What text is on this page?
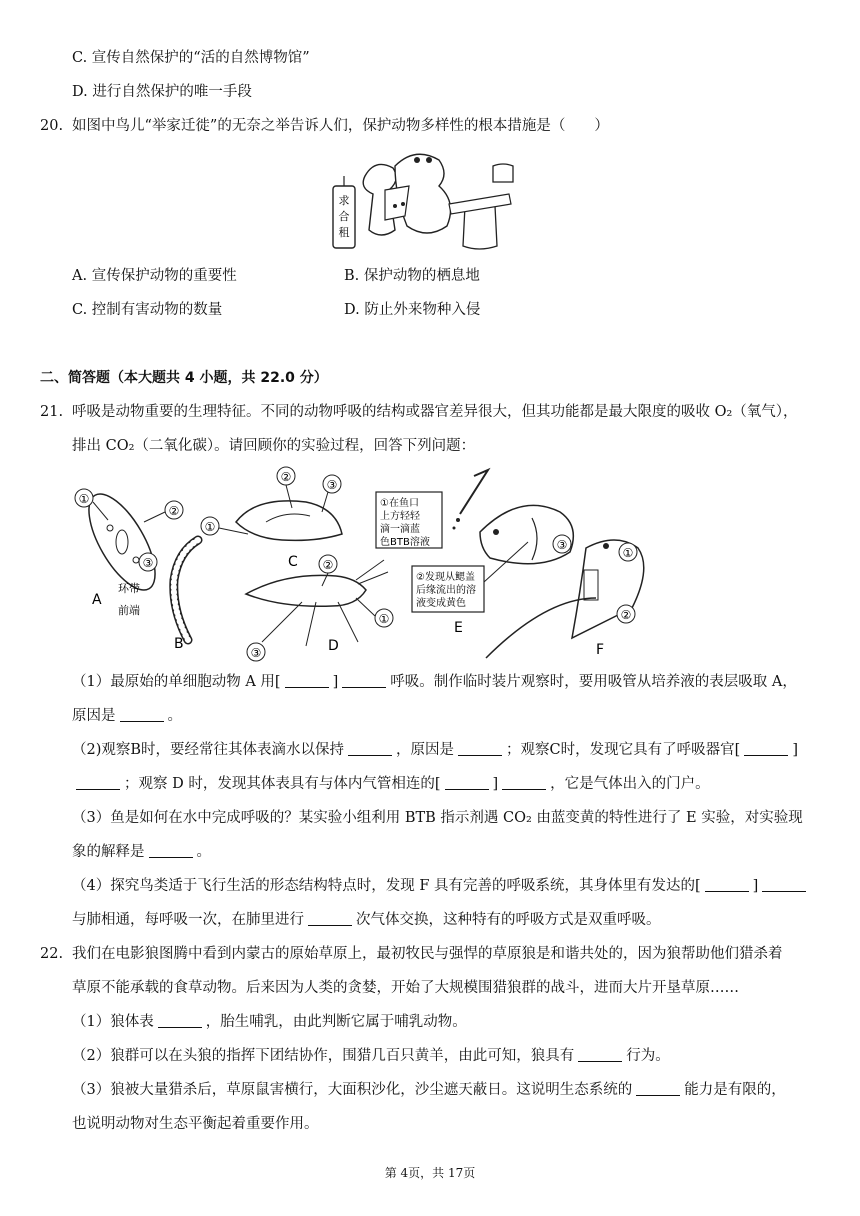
C. 宣传自然保护的“活的自然博物馆”
D. 进行自然保护的唯一手段
20. 如图中鸟儿“举家迁徙”的无奈之举告诉人们，保护动物多样性的根本措施是（　　）
求
合
租
A. 宣传保护动物的重要性	B. 保护动物的栖息地
C. 控制有害动物的数量	D. 防止外来物种入侵
二、简答题（本大题共 4 小题，共 22.0 分）
21. 呼吸是动物重要的生理特征。不同的动物呼吸的结构或器官差异很大，但其功能都是最大限度的吸收 O₂（氧气），
排出 CO₂（二氧化碳）。请回顾你的实验过程，回答下列问题：
①
②
③
A
环带
前端
B
①
②
③
C ②
①
③	D
①在鱼口
上方轻轻
滴一滴蓝
色BTB溶液
②发现从鳃盖
后缘流出的溶
液变成黄色
E
③
①
②
F
（1）最原始的单细胞动物 A 用[	]	呼吸。制作临时装片观察时，要用吸管从培养液的表层吸取 A，
原因是	。
（2)观察B时，要经常往其体表滴水以保持	，原因是	；观察C时，发现它具有了呼吸器官[	]
；观察 D 时，发现其体表具有与体内气管相连的[	]	，它是气体出入的门户。
（3）鱼是如何在水中完成呼吸的？某实验小组利用 BTB 指示剂遇 CO₂ 由蓝变黄的特性进行了 E 实验，对实验现
象的解释是	。
（4）探究鸟类适于飞行生活的形态结构特点时，发现 F 具有完善的呼吸系统，其身体里有发达的[	]
与肺相通，每呼吸一次，在肺里进行	次气体交换，这种特有的呼吸方式是双重呼吸。
22. 我们在电影狼图腾中看到内蒙古的原始草原上，最初牧民与强悍的草原狼是和谐共处的，因为狼帮助他们猎杀着
草原不能承载的食草动物。后来因为人类的贪婪，开始了大规模围猎狼群的战斗，进而大片开垦草原……
（1）狼体表	，胎生哺乳，由此判断它属于哺乳动物。
（2）狼群可以在头狼的指挥下团结协作，围猎几百只黄羊，由此可知，狼具有	行为。
（3）狼被大量猎杀后，草原鼠害横行，大面积沙化，沙尘遮天蔽日。这说明生态系统的	能力是有限的，
也说明动物对生态平衡起着重要作用。
第 4页，共 17页
